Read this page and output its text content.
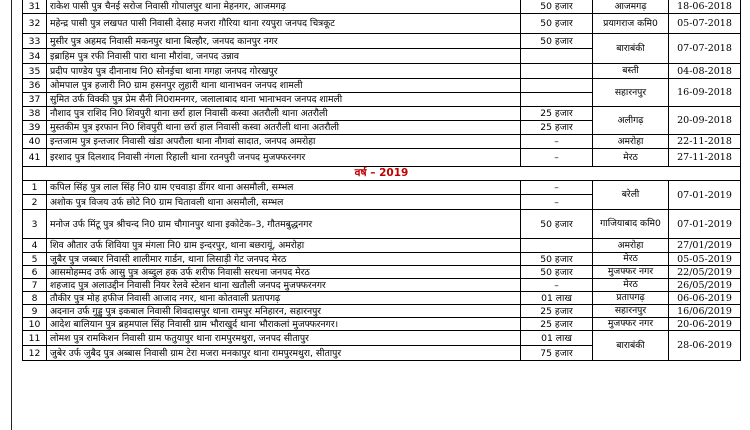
31	राकेश पासी पुत्र चैनई सरोज निवासी गोपालपुर थाना मेहनगर, आजमगढ़	50 हजार	आजमगढ़	18-06-2018
32	महेन्द्र पासी पुत्र लखपत पासी निवासी देसाह मजरा गौरिया थाना रयपुरा जनपद चित्रकूट	50 हजार	प्रयागराज कमि0	05-07-2018
33	मुसीर पुत्र अहमद निवासी मकनपुर थाना बिल्हौर, जनपद कानपुर नगर	50 हजार	बाराबंकी	07-07-2018
34	इब्राहिम पुत्र रफी निवासी पारा थाना मौरांवा, जनपद उन्नाव			
35	प्रदीप पाण्डेय पुत्र दीनानाथ नि0 सोनई़चा थाना गगहा जनपद गोरखपुर		बस्ती	04-08-2018
36	ओमपाल पुत्र हजारी नि0 ग्राम हसनपुर लुहारी थाना थानाभवन जनपद शामली		सहारनपुर	16-09-2018
37	सुमित उर्फ विक्की पुत्र प्रेम सैनी नि0रामनगर, जलालाबाद थाना भानाभवन जनपद शामली			
38	नौशाद पुत्र राशिद नि0 शिवपुरी थाना छर्रा हाल निवासी कस्वा अतरौली थाना अतरौली	25 हजार	अलीगढ़	20-09-2018
39	मुस्तकीम पुत्र इरफान नि0 शिवपुरी थाना छर्रा हाल निवासी कस्वा अतरौली थाना अतरौली	25 हजार		
40	इन्तजाम पुत्र इन्तजार निवासी खंडा अपरौला थाना नौगवां सादात, जनपद अमरोहा	–	अमरोहा	22-11-2018
41	इरशाद पुत्र दिलशाद निवासी नंगला रिहाली थाना रतनपुरी जनपद मुजफ्फरनगर	–	मेरठ	27-11-2018
वर्ष – 2019				
1	कपिल सिंह पुत्र लाल सिंह नि0 ग्राम एचवाड़ा डींगर थाना असमौली, सम्भल	–	बरेली	07-01-2019
2	अशोक पुत्र विजय उर्फ छोटे नि0 ग्राम चितावली थाना असमौली, सम्भल	–		
3	मनोज उर्फ मिंटू पुत्र श्रीचन्द नि0 ग्राम चौगानपुर थाना इकोटेक–3, गौतमबुद्धनगर	50 हजार	गाजियाबाद कमि0	07-01-2019
4	शिव औतार उर्फ शिविया पुत्र मंगला नि0 ग्राम इन्दरपुर, थाना बछरायूं, अमरोहा		अमरोहा	27/01/2019
5	जुबैर पुत्र जब्बार निवासी शालीमार गार्डन, थाना लिसाड़ी गेट जनपद मेरठ	50 हजार	मेरठ	05-05-2019
6	आसमोहम्मद उर्फ आसु पुत्र अब्दुल हक उर्फ शरीफ निवासी सरधना जनपद मेरठ	50 हजार	मुजफ्फर नगर	22/05/2019
7	शहजाद पुत्र अलाउद्दीन निवासी नियर रेलवे स्टेशन थाना खतौली जनपद मुजफ्फरनगर	–	मेरठ	26/05/2019
8	तौकीर पुत्र मोह हफीज निवासी आजाद नगर, थाना कोतवाली प्रतापगढ़	01 लाख	प्रतापगढ़	06-06-2019
9	अदनान उर्फ गुड्डु पुत्र इकबाल निवासी शिवदासपुर थाना रामपुर मनिहारन, सहारनपुर	25 हजार	सहारनपुर	16/06/2019
10	आदेश बालियान पुत्र ब्रहमपाल सिंह निवासी ग्राम भौराखुर्द थाना भौराकलां मुजफ्फरनगर।	25 हजार	मुजफ्फर नगर	20-06-2019
11	लोमश पुत्र रामकिशन निवासी ग्राम फतुयापुर थाना रामपुरमथुरा, जनपद सीतापुर	01 लाख	बाराबंकी	28-06-2019
12	जुबेर उर्फ जुबैद पुत्र अब्बास निवासी ग्राम टेरा मजरा मनकापुर थाना रामपुरमथुरा, सीतापुर	75 हजार		
